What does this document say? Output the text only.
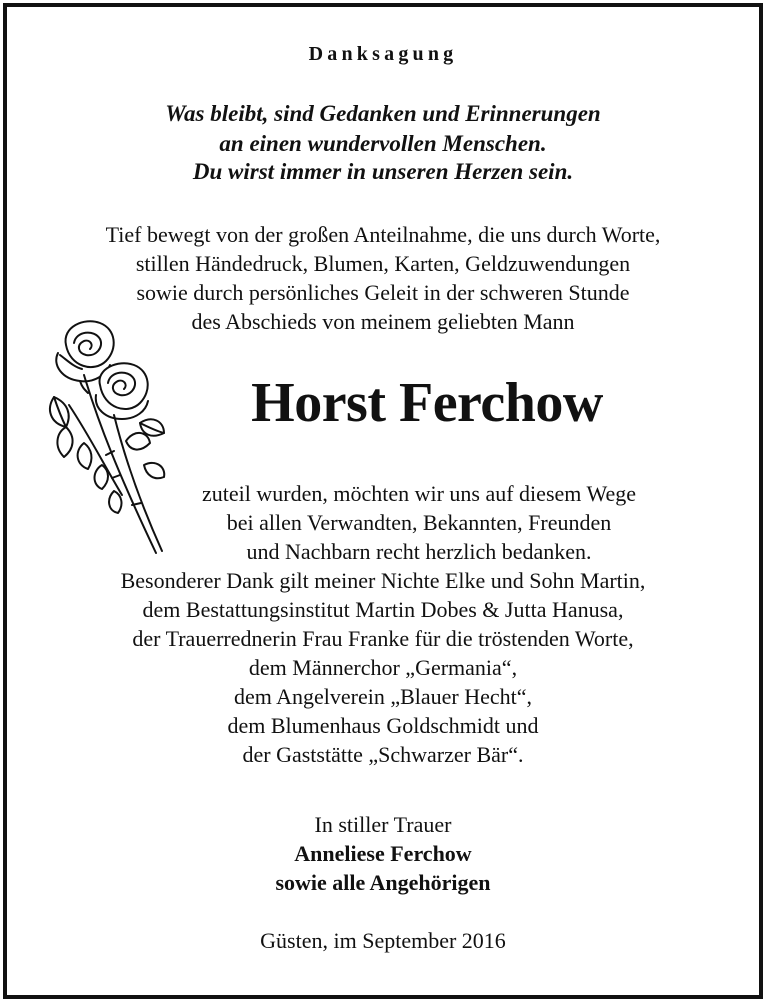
Danksagung
Was bleibt, sind Gedanken und Erinnerungen
an einen wundervollen Menschen.
Du wirst immer in unseren Herzen sein.
Tief bewegt von der großen Anteilnahme, die uns durch Worte,
stillen Händedruck, Blumen, Karten, Geldzuwendungen
sowie durch persönliches Geleit in der schweren Stunde
des Abschieds von meinem geliebten Mann
Horst Ferchow
zuteil wurden, möchten wir uns auf diesem Wege
bei allen Verwandten, Bekannten, Freunden
und Nachbarn recht herzlich bedanken.
Besonderer Dank gilt meiner Nichte Elke und Sohn Martin,
dem Bestattungsinstitut Martin Dobes & Jutta Hanusa,
der Trauerrednerin Frau Franke für die tröstenden Worte,
dem Männerchor „Germania“,
dem Angelverein „Blauer Hecht“,
dem Blumenhaus Goldschmidt und
der Gaststätte „Schwarzer Bär“.
In stiller Trauer
Anneliese Ferchow
sowie alle Angehörigen
Güsten, im September 2016
